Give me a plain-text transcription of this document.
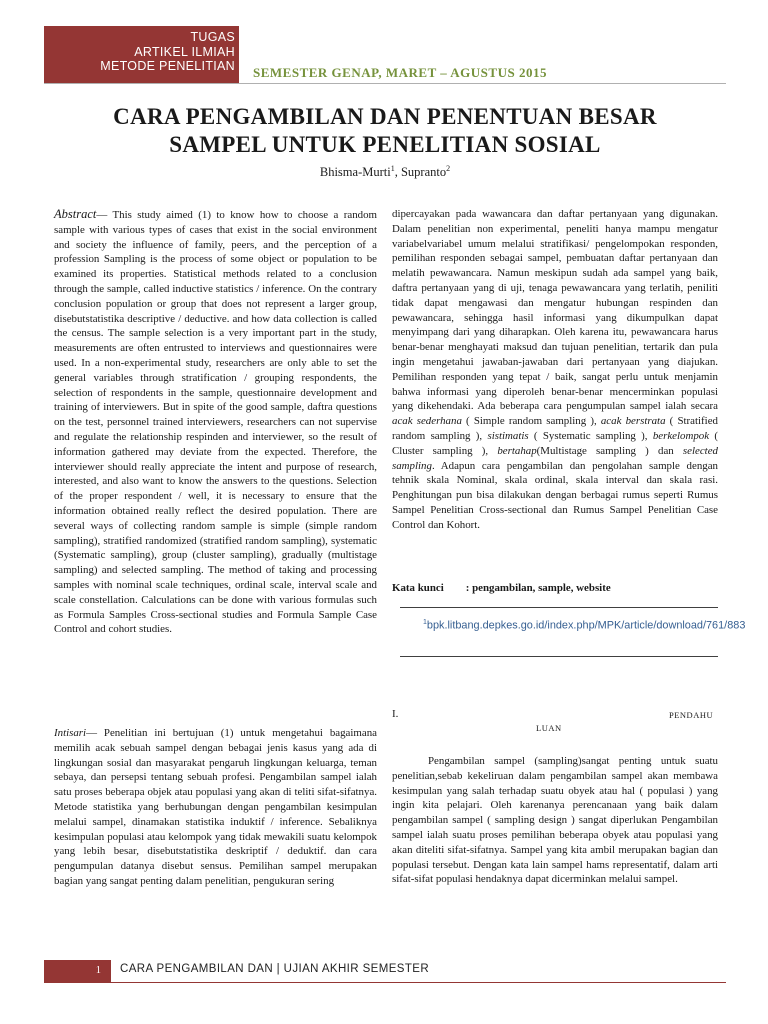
TUGAS
ARTIKEL ILMIAH
METODE PENELITIAN SEMESTER GENAP, MARET – AGUSTUS 2015
CARA PENGAMBILAN DAN PENENTUAN BESAR
SAMPEL UNTUK PENELITIAN SOSIAL
Bhisma-Murti$^1$, Supranto$^2$

Abstract— This study aimed (1) to know how to choose a random sample with various types of cases that exist in the social environment and society the influence of family, peers, and the perception of a profession Sampling is the process of some object or population to be examined its properties. Statistical methods related to a conclusion through the sample, called inductive statistics / inference. On the contrary conclusion population or group that does not represent a larger group, disebutstatistika descriptive / deductive. and how data collection is called the census. The sample selection is a very important part in the study, measurements are often entrusted to interviews and questionnaires were used. In a non-experimental study, researchers are only able to set the general variables through stratification / grouping respondents, the selection of respondents in the sample, questionnaire development and training of interviewers. But in spite of the good sample, daftra questions on the test, personnel trained interviewers, researchers can not supervise and regulate the relationship respinden and interviewer, so the result of information gathered may deviate from the expected. Therefore, the interviewer should really appreciate the intent and purpose of research, interested, and also want to know the answers to the questions. Selection of the proper respondent / well, it is necessary to ensure that the information obtained really reflect the desired population. There are several ways of collecting random sample is simple (simple random sampling), stratified randomized (stratified random sampling), systematic (Systematic sampling), group (cluster sampling), gradually (multistage sampling) and selected sampling. The method of taking and processing samples with nominal scale techniques, ordinal scale, interval scale and scale constellation. Calculations can be done with various formulas such as Formula Samples Cross-sectional studies and Formula Sample Case Control and cohort studies.

Intisari— Penelitian ini bertujuan (1) untuk mengetahui bagaimana memilih acak sebuah sampel dengan bebagai jenis kasus yang ada di lingkungan sosial dan masyarakat pengaruh lingkungan keluarga, teman sebaya, dan persepsi tentang sebuah profesi. Pengambilan sampel ialah satu proses beberapa objek atau populasi yang akan di teliti sifat-sifatnya. Metode statistika yang berhubungan dengan pengambilan kesimpulan melalui sampel, dinamakan statistika induktif / inference. Sebaliknya kesimpulan populasi atau kelompok yang tidak mewakili suatu kelompok yang lebih besar, disebutstatistika deskriptif / deduktif. dan cara pengumpulan datanya disebut sensus. Pemilihan sampel merupakan bagian yang sangat penting dalam penelitian, pengukuran sering

dipercayakan pada wawancara dan daftar pertanyaan yang digunakan. Dalam penelitian non experimental, peneliti hanya mampu mengatur variabelvariabel umum melalui stratifikasi/ pengelompokan responden, pemilihan responden sebagai sampel, pembuatan daftar pertanyaan dan melatih pewawancara. Namun meskipun sudah ada sampel yang baik, daftra pertanyaan yang di uji, tenaga pewawancara yang terlatih, peniliti tidak dapat mengawasi dan mengatur hubungan respinden dan pewawancara, sehingga hasil informasi yang dikumpulkan dapat menyimpang dari yang diharapkan. Oleh karena itu, pewawancara harus benar-benar menghayati maksud dan tujuan penelitian, tertarik dan pula ingin mengetahui jawaban-jawaban dari pertanyaan yang diajukan. Pemilihan responden yang tepat / baik, sangat perlu untuk menjamin bahwa informasi yang diperoleh benar-benar mencerminkan populasi yang dikehendaki. Ada beberapa cara pengumpulan sampel ialah secara acak sederhana ( Simple random sampling ), acak berstrata ( Stratified random sampling ), sistimatis ( Systematic sampling ), berkelompok ( Cluster sampling ), bertahap(Multistage sampling ) dan selected sampling. Adapun cara pengambilan dan pengolahan sample dengan tehnik skala Nominal, skala ordinal, skala interval dan skala rasi. Penghitungan pun bisa dilakukan dengan berbagai rumus seperti Rumus Sampel Penelitian Cross-sectional dan Rumus Sampel Penelitian Case Control dan Kohort.

Kata kunci : pengambilan, sample, website
$^1$bpk.litbang.depkes.go.id/index.php/MPK/article/download/761/883
I.	PENDAHU
LUAN

Pengambilan sampel (sampling)sangat penting untuk suatu penelitian,sebab kekeliruan dalam pengambilan sampel akan membawa kesimpulan yang salah terhadap suatu obyek atau hal ( populasi ) yang ingin kita pelajari. Oleh karenanya perencanaan yang baik dalam pengambilan sampel ( sampling design ) sangat diperlukan Pengambilan sampel ialah suatu proses pemilihan beberapa obyek atau populasi yang akan diteliti sifat-sifatnya. Sampel yang kita ambil merupakan bagian dan populasi tersebut. Dengan kata lain sampel hams representatif, dalam arti sifat-sifat populasi hendaknya dapat dicerminkan melalui sampel.

1 CARA PENGAMBILAN DAN | UJIAN AKHIR SEMESTER
